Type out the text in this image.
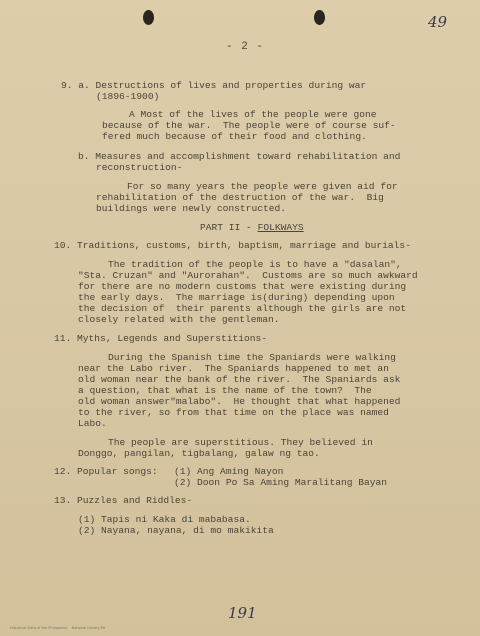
49
- 2 -
9. a. Destructions of lives and properties during war
(1896-1900)
A Most of the lives of the people were gone
because of the war.  The people were of course suf-
fered much because of their food and clothing.
b. Measures and accomplishment toward rehabilitation and
reconstruction-
For so many years the people were given aid for
rehabilitation of the destruction of the war.  Big
buildings were newly constructed.
PART II - FOLKWAYS
10. Traditions, customs, birth, baptism, marriage and burials-
The tradition of the people is to have a "dasalan",
"Sta. Cruzan" and "Aurorahan".  Customs are so much awkward
for there are no modern customs that were existing during
the early days.  The marriage is(during) depending upon
the decision of  their parents although the girls are not
closely related with the gentleman.
11. Myths, Legends and Superstitions-
During the Spanish time the Spaniards were walking
near the Labo river.  The Spaniards happened to met an
old woman near the bank of the river.  The Spaniards ask
a question, that what is the name of the town?  The
old woman answer"malabo".  He thought that what happened
to the river, so from that time on the place was named
Labo.
The people are superstitious. They believed in
Donggo, pangilan, tigbalang, galaw ng tao.
12. Popular songs: (1) Ang Aming Nayon
(2) Doon Po Sa Aming Maralitang Bayan
13. Puzzles and Riddles-
(1) Tapis ni Kaka di mababasa.
(2) Nayana, nayana, di mo makikita
191
Historical Data of the Philippines    National Library PH
